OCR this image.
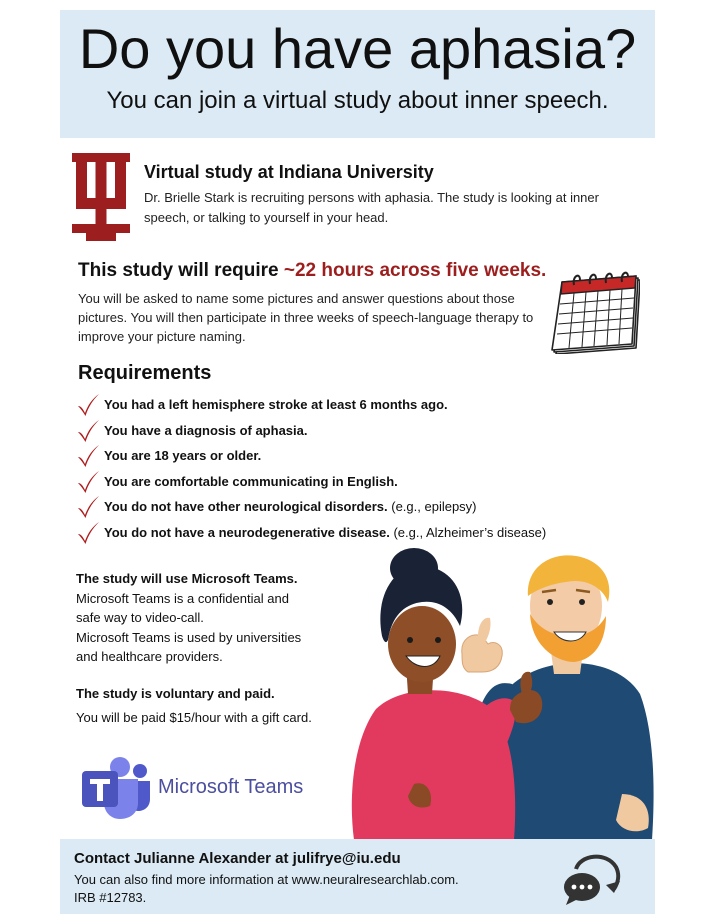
Do you have aphasia?
You can join a virtual study about inner speech.
Virtual study at Indiana University
Dr. Brielle Stark is recruiting persons with aphasia. The study is looking at inner speech, or talking to yourself in your head.
This study will require ~22 hours across five weeks.
You will be asked to name some pictures and answer questions about those pictures. You will then participate in three weeks of speech-language therapy to improve your picture naming.
Requirements
You had a left hemisphere stroke at least 6 months ago.
You have a diagnosis of aphasia.
You are 18 years or older.
You are comfortable communicating in English.
You do not have other neurological disorders. (e.g., epilepsy)
You do not have a neurodegenerative disease. (e.g., Alzheimer’s disease)
The study will use Microsoft Teams.
Microsoft Teams is a confidential and safe way to video-call.
Microsoft Teams is used by universities and healthcare providers.
The study is voluntary and paid.
You will be paid $15/hour with a gift card.
Microsoft Teams
Contact Julianne Alexander at julifrye@iu.edu
You can also find more information at www.neuralresearchlab.com.
IRB #12783.
